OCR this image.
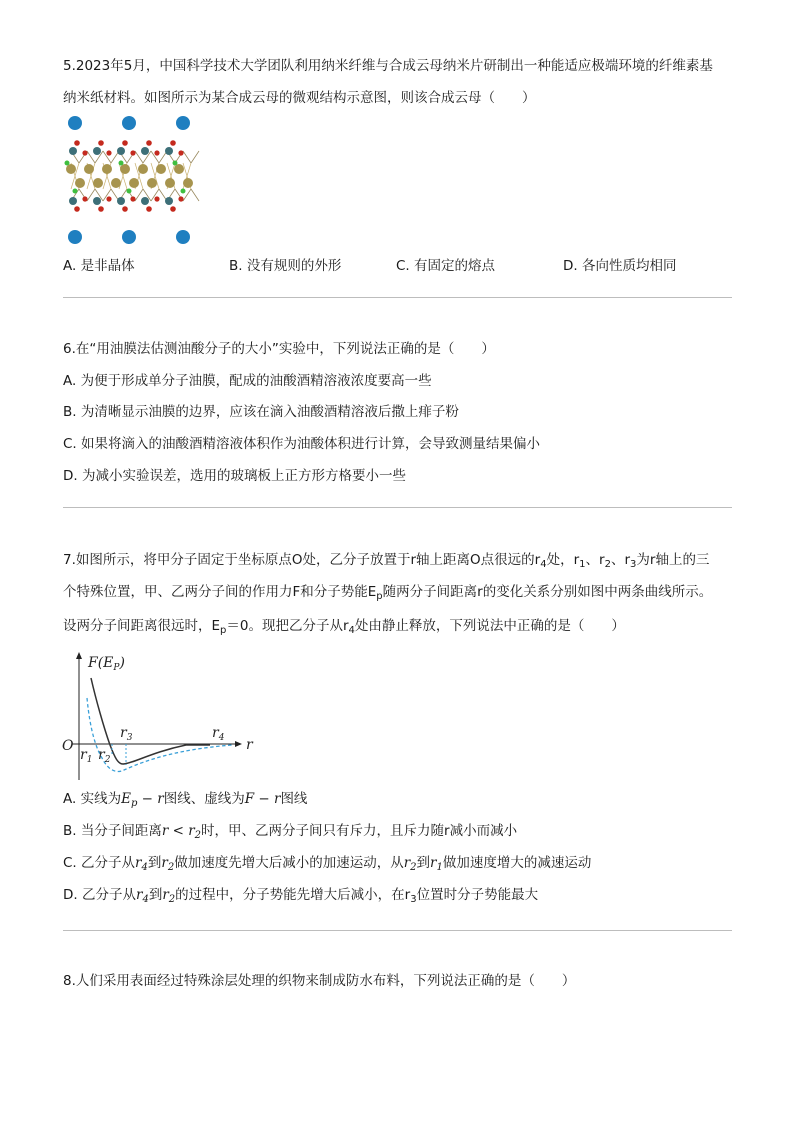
5.2023年5月，中国科学技术大学团队利用纳米纤维与合成云母纳米片研制出一种能适应极端环境的纤维素基
纳米纸材料。如图所示为某合成云母的微观结构示意图，则该合成云母（　　）
A. 是非晶体	B. 没有规则的外形	C. 有固定的熔点	D. 各向性质均相同
6.在“用油膜法估测油酸分子的大小”实验中，下列说法正确的是（　　）
A. 为便于形成单分子油膜，配成的油酸酒精溶液浓度要高一些
B. 为清晰显示油膜的边界，应该在滴入油酸酒精溶液后撒上痱子粉
C. 如果将滴入的油酸酒精溶液体积作为油酸体积进行计算，会导致测量结果偏小
D. 为减小实验误差，选用的玻璃板上正方形方格要小一些
7.如图所示，将甲分子固定于坐标原点O处，乙分子放置于r轴上距离O点很远的$r_4$处，$r_1$、$r_2$、$r_3$为r轴上的三
个特殊位置，甲、乙两分子间的作用力F和分子势能$E_p$随两分子间距离r的变化关系分别如图中两条曲线所示。
设两分子间距离很远时，$E_p=0$。现把乙分子从$r_4$处由静止释放，下列说法中正确的是（　　）
$F(E_P)$
O	r
$r_1$ $r_2$
$r_3$	$r_4$
A. 实线为$E_p - r$图线、虚线为F − r图线
B. 当分子间距离$r < r_2$时，甲、乙两分子间只有斥力，且斥力随r减小而减小
C. 乙分子从$r_4$到$r_2$做加速度先增大后减小的加速运动，从$r_2$到$r_1$做加速度增大的减速运动
D. 乙分子从$r_4$到$r_2$的过程中，分子势能先增大后减小，在$r_3$位置时分子势能最大
8.人们采用表面经过特殊涂层处理的织物来制成防水布料，下列说法正确的是（　　）
